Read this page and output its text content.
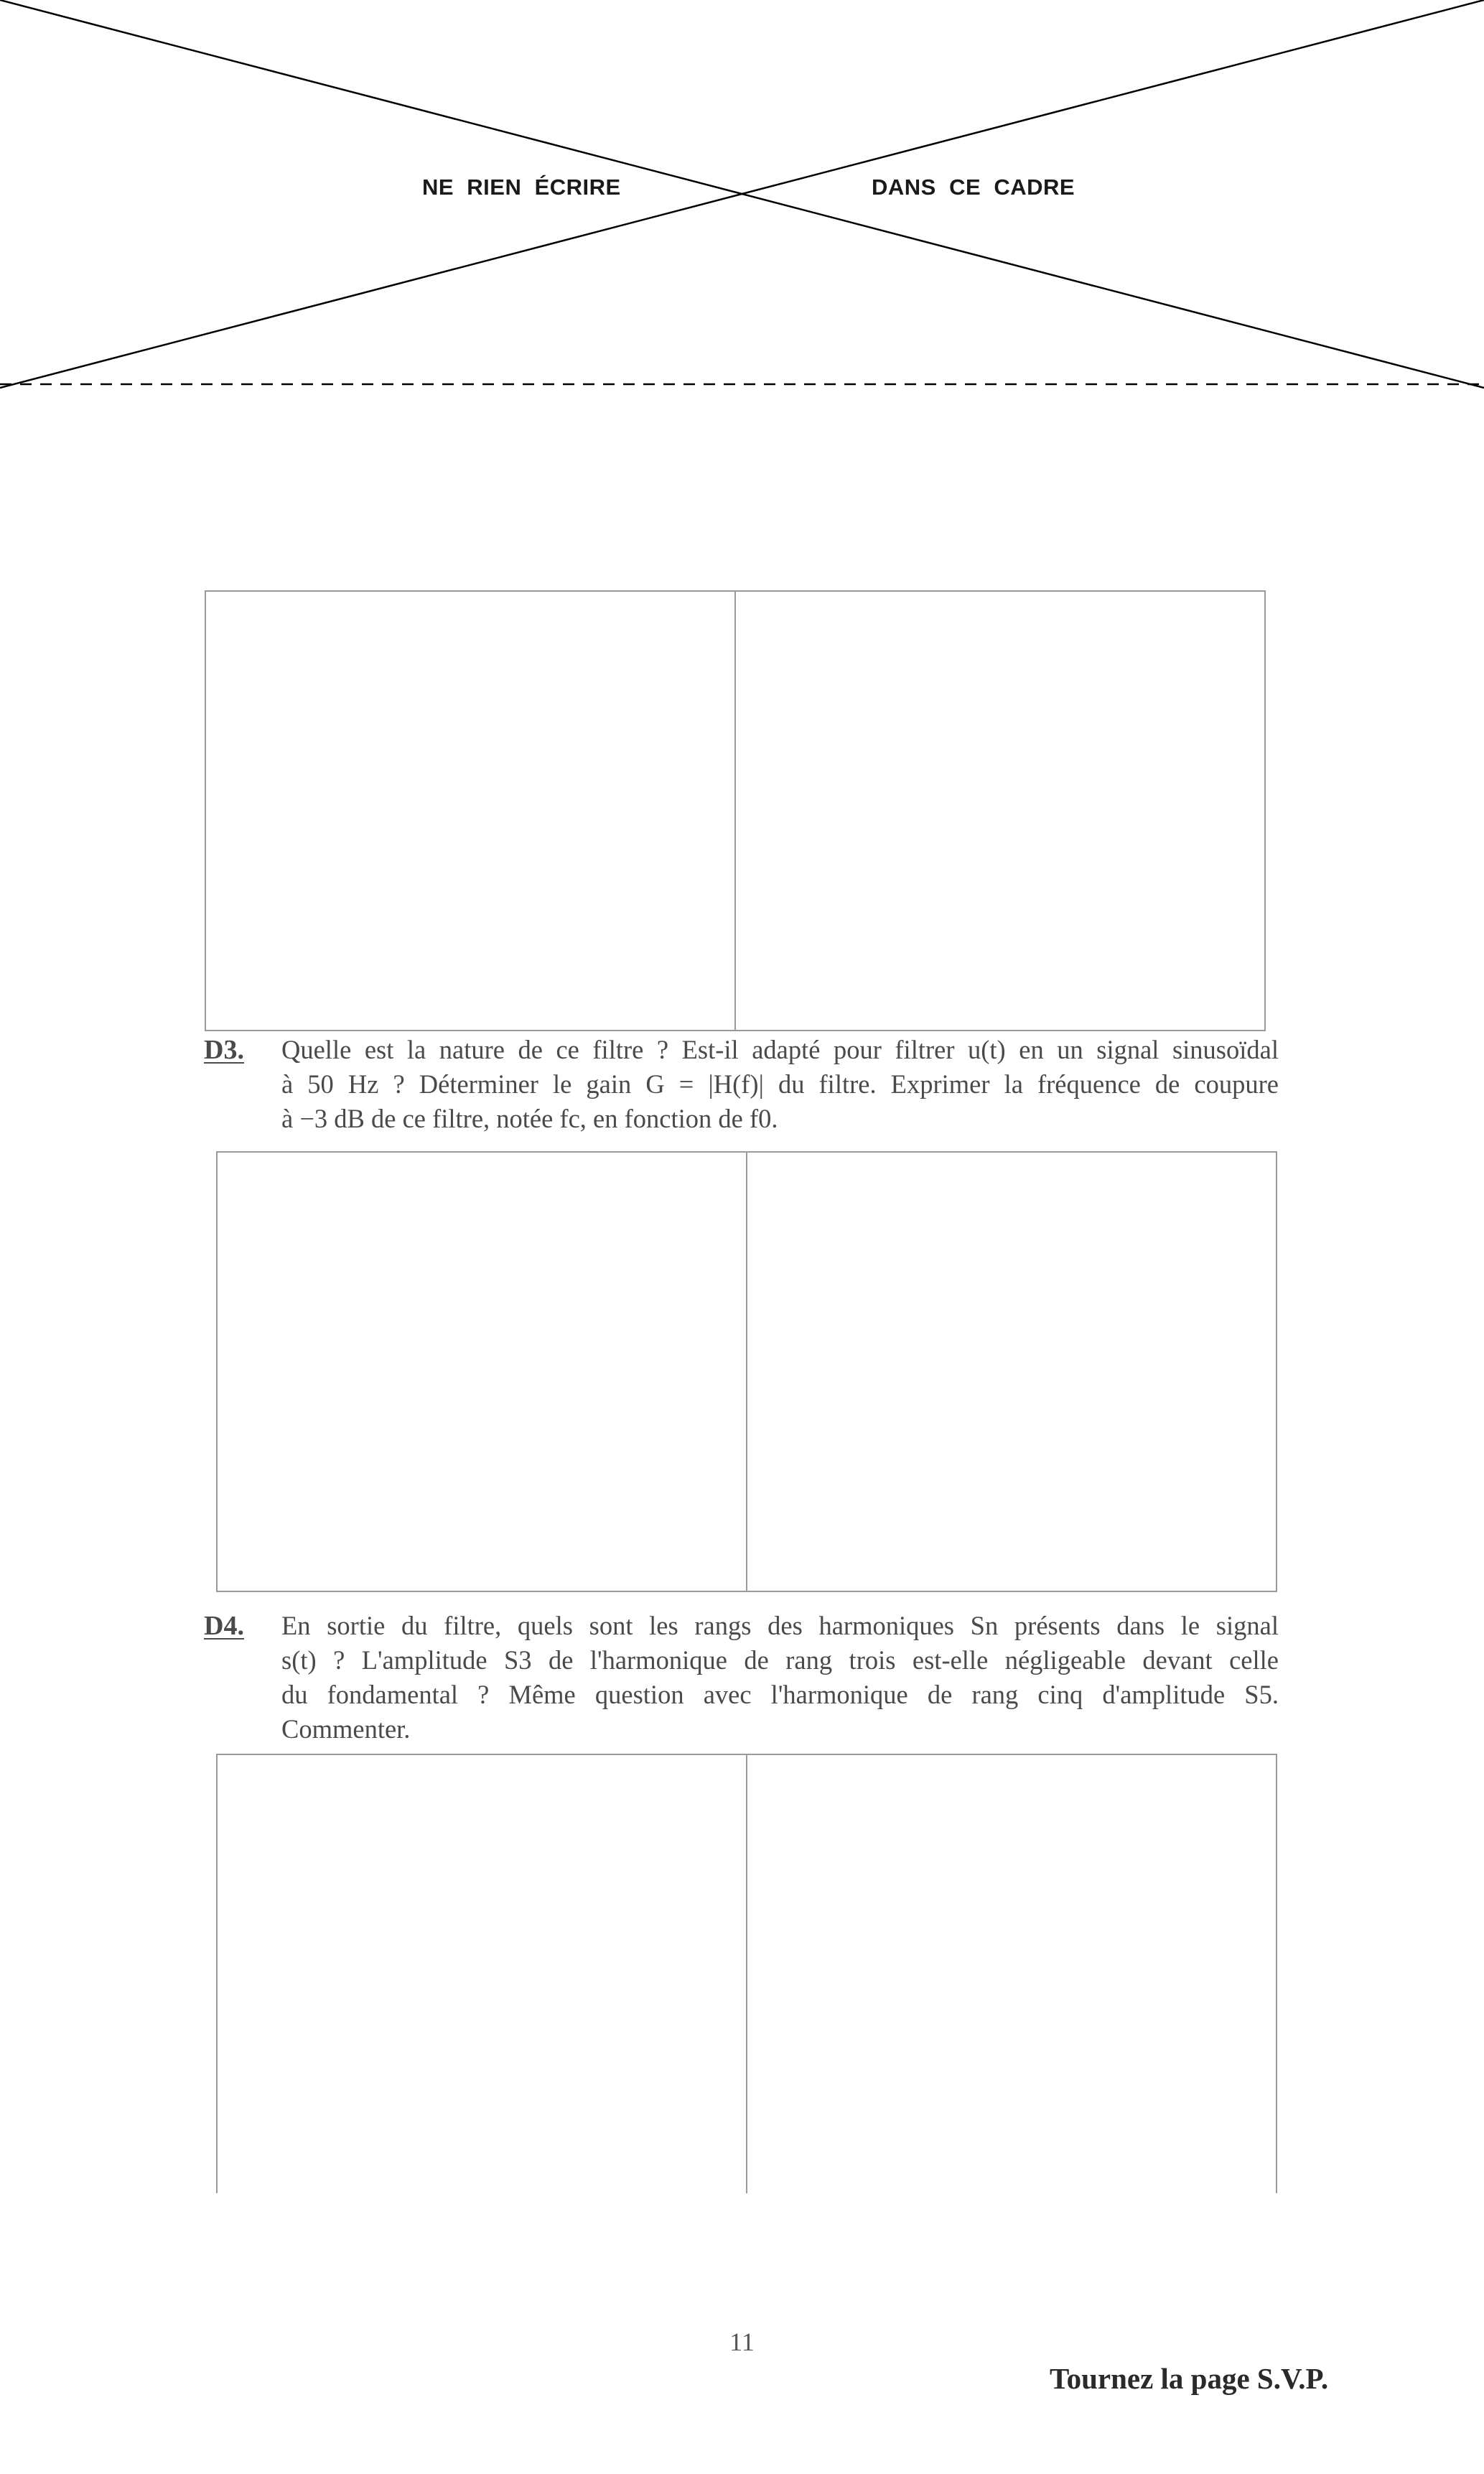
NE  RIEN  ÉCRIRE	DANS  CE  CADRE
D3. Quelle est la nature de ce filtre ? Est-il adapté pour filtrer u(t) en un signal sinusoïdal
à 50 Hz ? Déterminer le gain G = |H(f)| du filtre. Exprimer la fréquence de coupure
à −3 dB de ce filtre, notée fc, en fonction de f0.
D4. En sortie du filtre, quels sont les rangs des harmoniques Sn présents dans le signal
s(t) ? L'amplitude S3 de l'harmonique de rang trois est-elle négligeable devant celle
du fondamental ? Même question avec l'harmonique de rang cinq d'amplitude S5.
Commenter.
11
Tournez la page S.V.P.
